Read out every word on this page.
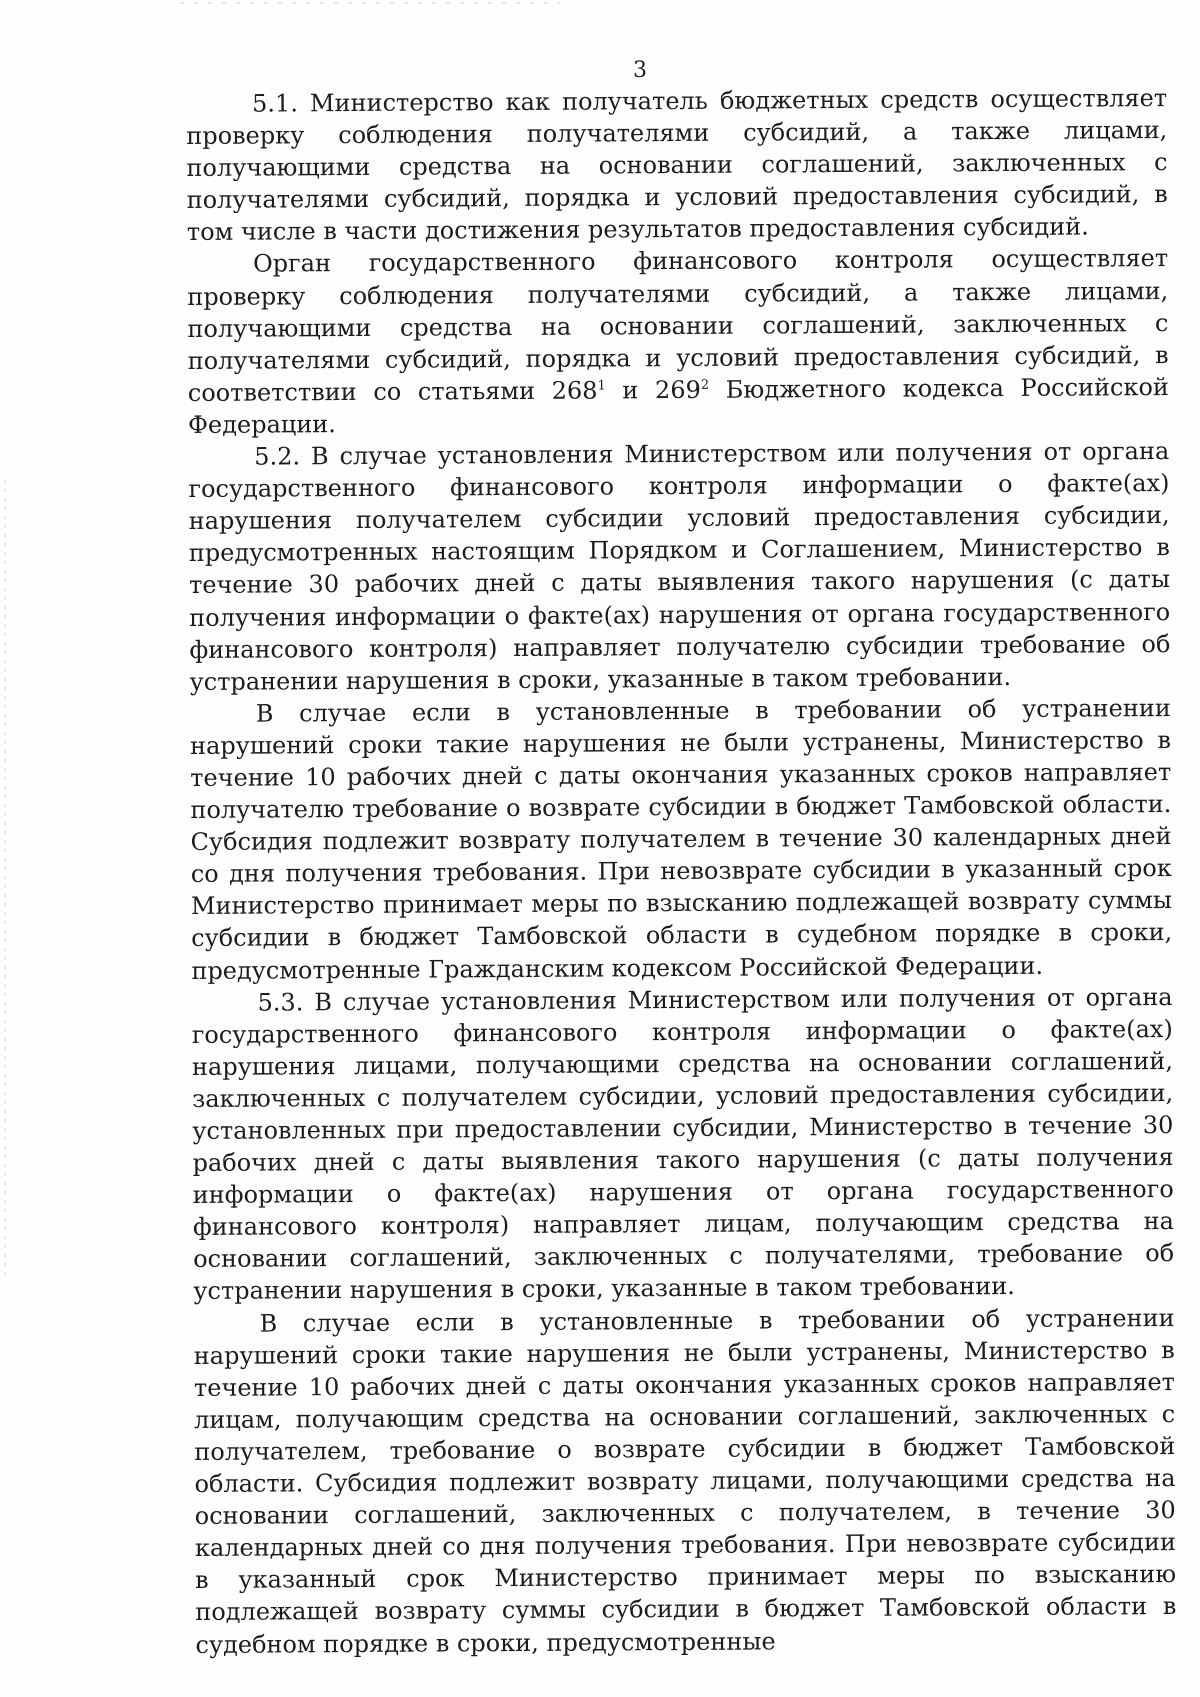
3

5.1. Министерство как получатель бюджетных средств осуществляет проверку соблюдения получателями субсидий, а также лицами, получающими средства на основании соглашений, заключенных с получателями субсидий, порядка и условий предоставления субсидий, в том числе в части достижения результатов предоставления субсидий.

Орган государственного финансового контроля осуществляет проверку соблюдения получателями субсидий, а также лицами, получающими средства на основании соглашений, заключенных с получателями субсидий, порядка и условий предоставления субсидий, в соответствии со статьями $268^1$ и $269^2$ Бюджетного кодекса Российской Федерации.

5.2. В случае установления Министерством или получения от органа государственного финансового контроля информации о факте(ах) нарушения получателем субсидии условий предоставления субсидии, предусмотренных настоящим Порядком и Соглашением, Министерство в течение 30 рабочих дней с даты выявления такого нарушения (с даты получения информации о факте(ах) нарушения от органа государственного финансового контроля) направляет получателю субсидии требование об устранении нарушения в сроки, указанные в таком требовании.

В случае если в установленные в требовании об устранении нарушений сроки такие нарушения не были устранены, Министерство в течение 10 рабочих дней с даты окончания указанных сроков направляет получателю требование о возврате субсидии в бюджет Тамбовской области. Субсидия подлежит возврату получателем в течение 30 календарных дней со дня получения требования. При невозврате субсидии в указанный срок Министерство принимает меры по взысканию подлежащей возврату суммы субсидии в бюджет Тамбовской области в судебном порядке в сроки, предусмотренные Гражданским кодексом Российской Федерации.

5.3. В случае установления Министерством или получения от органа государственного финансового контроля информации о факте(ах) нарушения лицами, получающими средства на основании соглашений, заключенных с получателем субсидии, условий предоставления субсидии, установленных при предоставлении субсидии, Министерство в течение 30 рабочих дней с даты выявления такого нарушения (с даты получения информации о факте(ах) нарушения от органа государственного финансового контроля) направляет лицам, получающим средства на основании соглашений, заключенных с получателями, требование об устранении нарушения в сроки, указанные в таком требовании.

В случае если в установленные в требовании об устранении нарушений сроки такие нарушения не были устранены, Министерство в течение 10 рабочих дней с даты окончания указанных сроков направляет лицам, получающим средства на основании соглашений, заключенных с получателем, требование о возврате субсидии в бюджет Тамбовской области. Субсидия подлежит возврату лицами, получающими средства на основании соглашений, заключенных с получателем, в течение 30 календарных дней со дня получения требования. При невозврате субсидии в указанный срок Министерство принимает меры по взысканию подлежащей возврату суммы субсидии в бюджет Тамбовской области в судебном порядке в сроки, предусмотренные
